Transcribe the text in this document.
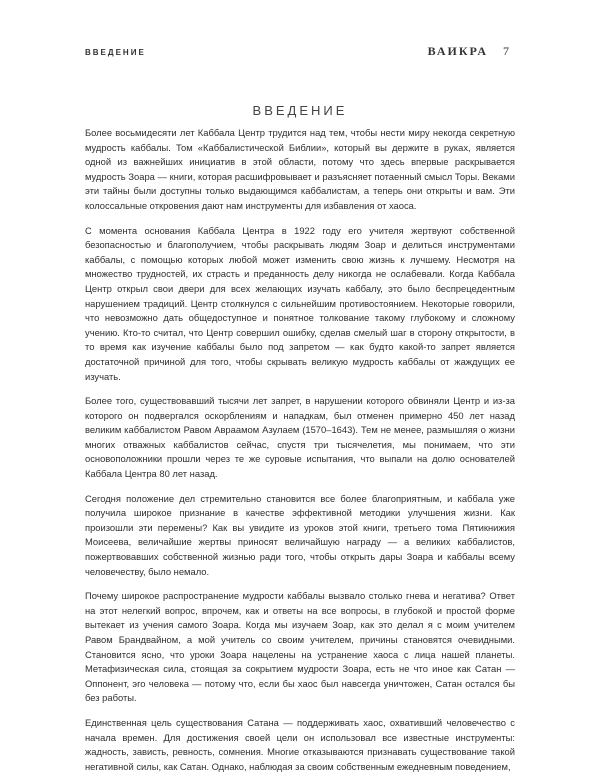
ВВЕДЕНИЕ	ВАИКРА 7
ВВЕДЕНИЕ

Более восьмидесяти лет Каббала Центр трудится над тем, чтобы нести миру некогда секретную мудрость каббалы. Том «Каббалистической Библии», который вы держите в руках, является одной из важнейших инициатив в этой области, потому что здесь впервые раскрывается мудрость Зоара — книги, которая расшифровывает и разъясняет потаенный смысл Торы. Веками эти тайны были доступны только выдающимся каббалистам, а теперь они открыты и вам. Эти колоссальные откровения дают нам инструменты для избавления от хаоса.

С момента основания Каббала Центра в 1922 году его учителя жертвуют собственной безопасностью и благополучием, чтобы раскрывать людям Зоар и делиться инструментами каббалы, с помощью которых любой может изменить свою жизнь к лучшему. Несмотря на множество трудностей, их страсть и преданность делу никогда не ослабевали. Когда Каббала Центр открыл свои двери для всех желающих изучать каббалу, это было беспрецедентным нарушением традиций. Центр столкнулся с сильнейшим противостоянием. Некоторые говорили, что невозможно дать общедоступное и понятное толкование такому глубокому и сложному учению. Кто-то считал, что Центр совершил ошибку, сделав смелый шаг в сторону открытости, в то время как изучение каббалы было под запретом — как будто какой-то запрет является достаточной причиной для того, чтобы скрывать великую мудрость каббалы от жаждущих ее изучать.

Более того, существовавший тысячи лет запрет, в нарушении которого обвиняли Центр и из-за которого он подвергался оскорблениям и нападкам, был отменен примерно 450 лет назад великим каббалистом Равом Авраамом Азулаем (1570–1643). Тем не менее, размышляя о жизни многих отважных каббалистов сейчас, спустя три тысячелетия, мы понимаем, что эти основоположники прошли через те же суровые испытания, что выпали на долю основателей Каббала Центра 80 лет назад.

Сегодня положение дел стремительно становится все более благоприятным, и каббала уже получила широкое признание в качестве эффективной методики улучшения жизни. Как произошли эти перемены? Как вы увидите из уроков этой книги, третьего тома Пятикнижия Моисеева, величайшие жертвы приносят величайшую награду — а великих каббалистов, пожертвовавших собственной жизнью ради того, чтобы открыть дары Зоара и каббалы всему человечеству, было немало.

Почему широкое распространение мудрости каббалы вызвало столько гнева и негатива? Ответ на этот нелегкий вопрос, впрочем, как и ответы на все вопросы, в глубокой и простой форме вытекает из учения самого Зоара. Когда мы изучаем Зоар, как это делал я с моим учителем Равом Брандвайном, а мой учитель со своим учителем, причины становятся очевидными. Становится ясно, что уроки Зоара нацелены на устранение хаоса с лица нашей планеты. Метафизическая сила, стоящая за сокрытием мудрости Зоара, есть не что иное как Сатан — Оппонент, эго человека — потому что, если бы хаос был навсегда уничтожен, Сатан остался бы без работы.

Единственная цель существования Сатана — поддерживать хаос, охвативший человечество с начала времен. Для достижения своей цели он использовал все известные инструменты: жадность, зависть, ревность, сомнения. Многие отказываются признавать существование такой негативной силы, как Сатан. Однако, наблюдая за своим собственным ежедневным поведением,
